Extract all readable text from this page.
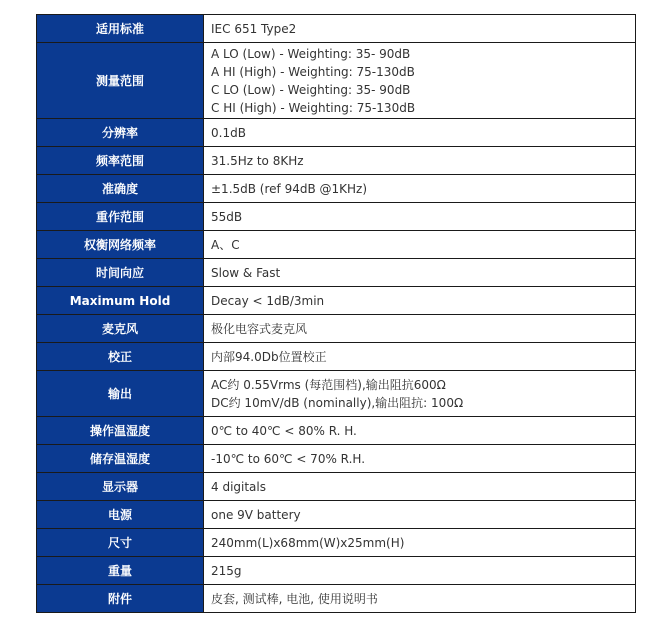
适用标准	IEC 651 Type2

测量范围	A LO (Low) - Weighting: 35- 90dB
A HI (High) - Weighting: 75-130dB
C LO (Low) - Weighting: 35- 90dB
C HI (High) - Weighting: 75-130dB

分辨率	0.1dB

频率范围	31.5Hz to 8KHz

准确度	±1.5dB (ref 94dB @1KHz)

重作范围	55dB

权衡网络频率	A、C

时间向应	Slow & Fast

Maximum Hold	Decay < 1dB/3min

麦克风	极化电容式麦克风

校正	内部94.0Db位置校正

输出	AC约 0.55Vrms (每范围档),输出阻抗600Ω
DC约 10mV/dB (nominally),输出阻抗: 100Ω

操作温湿度	0℃ to 40℃ < 80% R. H.

储存温湿度	-10℃ to 60℃ < 70% R.H.

显示器	4 digitals

电源	one 9V battery

尺寸	240mm(L)x68mm(W)x25mm(H)

重量	215g

附件	皮套, 测试棒, 电池, 使用说明书
